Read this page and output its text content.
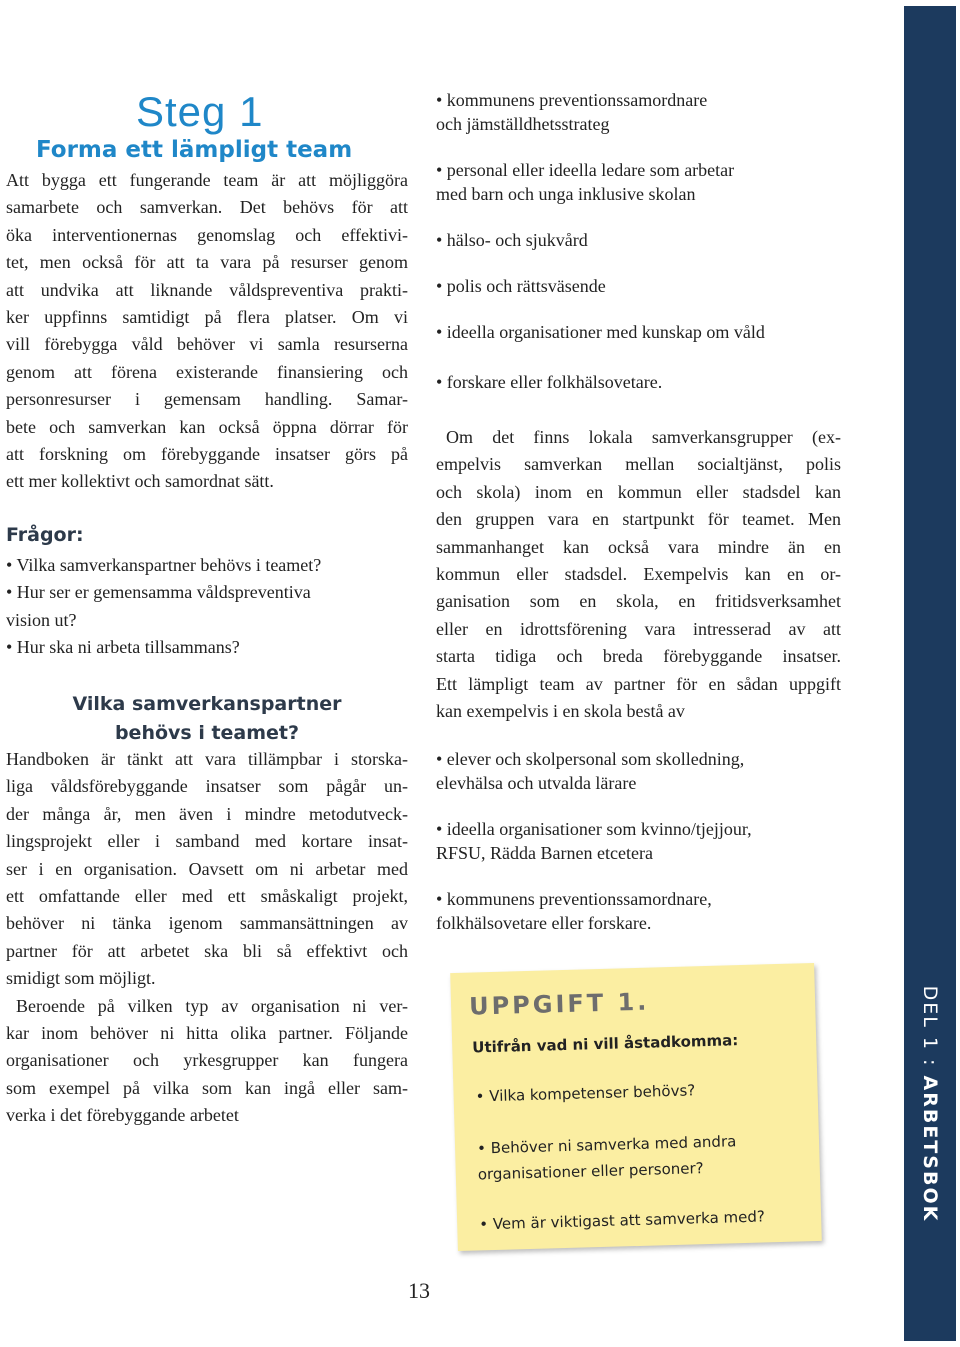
DEL 1 : ARBETSBOK
Steg 1
Forma ett lämpligt team
Att bygga ett fungerande team är att möjliggöra
samarbete och samverkan. Det behövs för att
öka interventionernas genomslag och effektivi-
tet, men också för att ta vara på resurser genom
att undvika att liknande våldspreventiva prakti-
ker uppfinns samtidigt på flera platser. Om vi
vill förebygga våld behöver vi samla resurserna
genom att förena existerande finansiering och
personresurser i gemensam handling. Samar-
bete och samverkan kan också öppna dörrar för
att forskning om förebyggande insatser görs på
ett mer kollektivt och samordnat sätt.
Frågor:
• Vilka samverkanspartner behövs i teamet?
• Hur ser er gemensamma våldspreventiva
vision ut?
• Hur ska ni arbeta tillsammans?
Vilka samverkanspartner
behövs i teamet?
Handboken är tänkt att vara tillämpbar i storska-
liga våldsförebyggande insatser som pågår un-
der många år, men även i mindre metodutveck-
lingsprojekt eller i samband med kortare insat-
ser i en organisation. Oavsett om ni arbetar med
ett omfattande eller med ett småskaligt projekt,
behöver ni tänka igenom sammansättningen av
partner för att arbetet ska bli så effektivt och
smidigt som möjligt.
Beroende på vilken typ av organisation ni ver-
kar inom behöver ni hitta olika partner. Följande
organisationer och yrkesgrupper kan fungera
som exempel på vilka som kan ingå eller sam-
verka i det förebyggande arbetet
• kommunens preventionssamordnare
och jämställdhetsstrateg
• personal eller ideella ledare som arbetar
med barn och unga inklusive skolan
• hälso- och sjukvård
• polis och rättsväsende
• ideella organisationer med kunskap om våld
• forskare eller folkhälsovetare.
Om det finns lokala samverkansgrupper (ex-
empelvis samverkan mellan socialtjänst, polis
och skola) inom en kommun eller stadsdel kan
den gruppen vara en startpunkt för teamet. Men
sammanhanget kan också vara mindre än en
kommun eller stadsdel. Exempelvis kan en or-
ganisation som en skola, en fritidsverksamhet
eller en idrottsförening vara intresserad av att
starta tidiga och breda förebyggande insatser.
Ett lämpligt team av partner för en sådan uppgift
kan exempelvis i en skola bestå av
• elever och skolpersonal som skolledning,
elevhälsa och utvalda lärare
• ideella organisationer som kvinno/tjejjour,
RFSU, Rädda Barnen etcetera
• kommunens preventionssamordnare,
folkhälsovetare eller forskare.
UPPGIFT 1.
Utifrån vad ni vill åstadkomma:
• Vilka kompetenser behövs?
• Behöver ni samverka med andra
organisationer eller personer?
• Vem är viktigast att samverka med?
13
